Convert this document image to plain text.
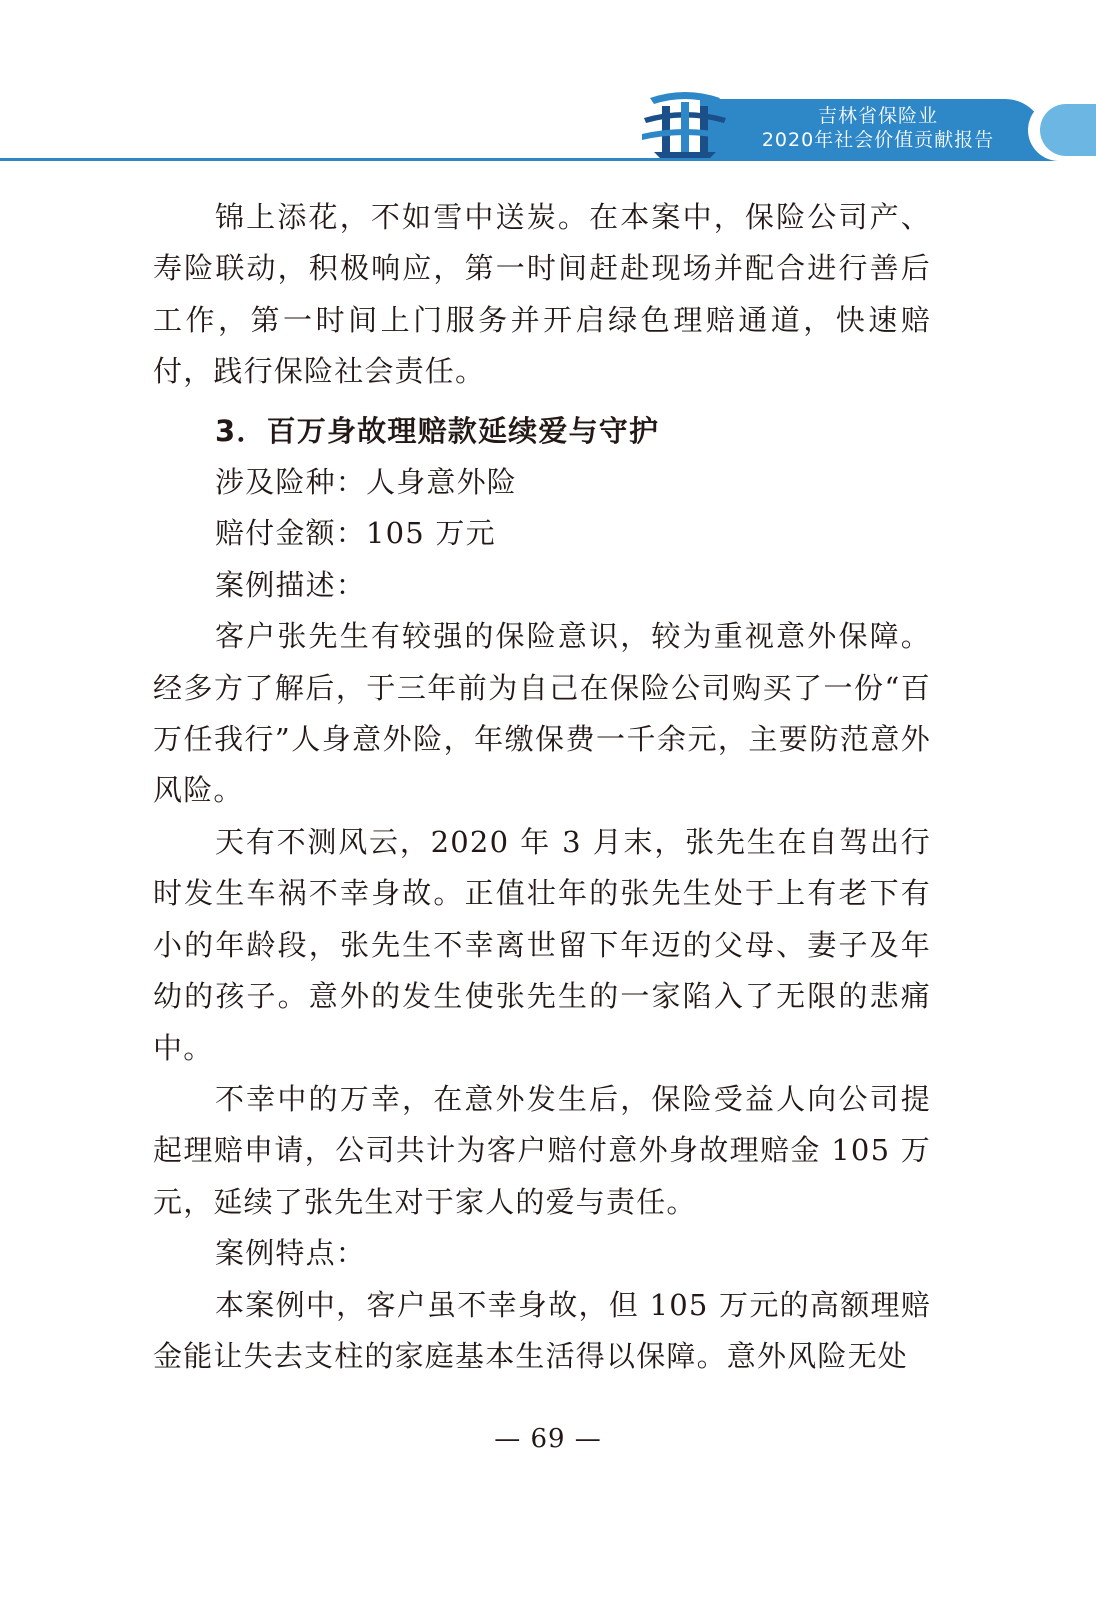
吉林省保险业
2020年社会价值贡献报告

锦上添花，不如雪中送炭。在本案中，保险公司产、寿险联动，积极响应，第一时间赶赴现场并配合进行善后工作，第一时间上门服务并开启绿色理赔通道，快速赔付，践行保险社会责任。

3．百万身故理赔款延续爱与守护

涉及险种：人身意外险

赔付金额：105 万元

案例描述：

客户张先生有较强的保险意识，较为重视意外保障。经多方了解后，于三年前为自己在保险公司购买了一份“百万任我行”人身意外险，年缴保费一千余元，主要防范意外风险。

天有不测风云，2020 年 3 月末，张先生在自驾出行时发生车祸不幸身故。正值壮年的张先生处于上有老下有小的年龄段，张先生不幸离世留下年迈的父母、妻子及年幼的孩子。意外的发生使张先生的一家陷入了无限的悲痛中。

不幸中的万幸，在意外发生后，保险受益人向公司提起理赔申请，公司共计为客户赔付意外身故理赔金 105 万元，延续了张先生对于家人的爱与责任。

案例特点：

本案例中，客户虽不幸身故，但 105 万元的高额理赔金能让失去支柱的家庭基本生活得以保障。意外风险无处

— 69 —
